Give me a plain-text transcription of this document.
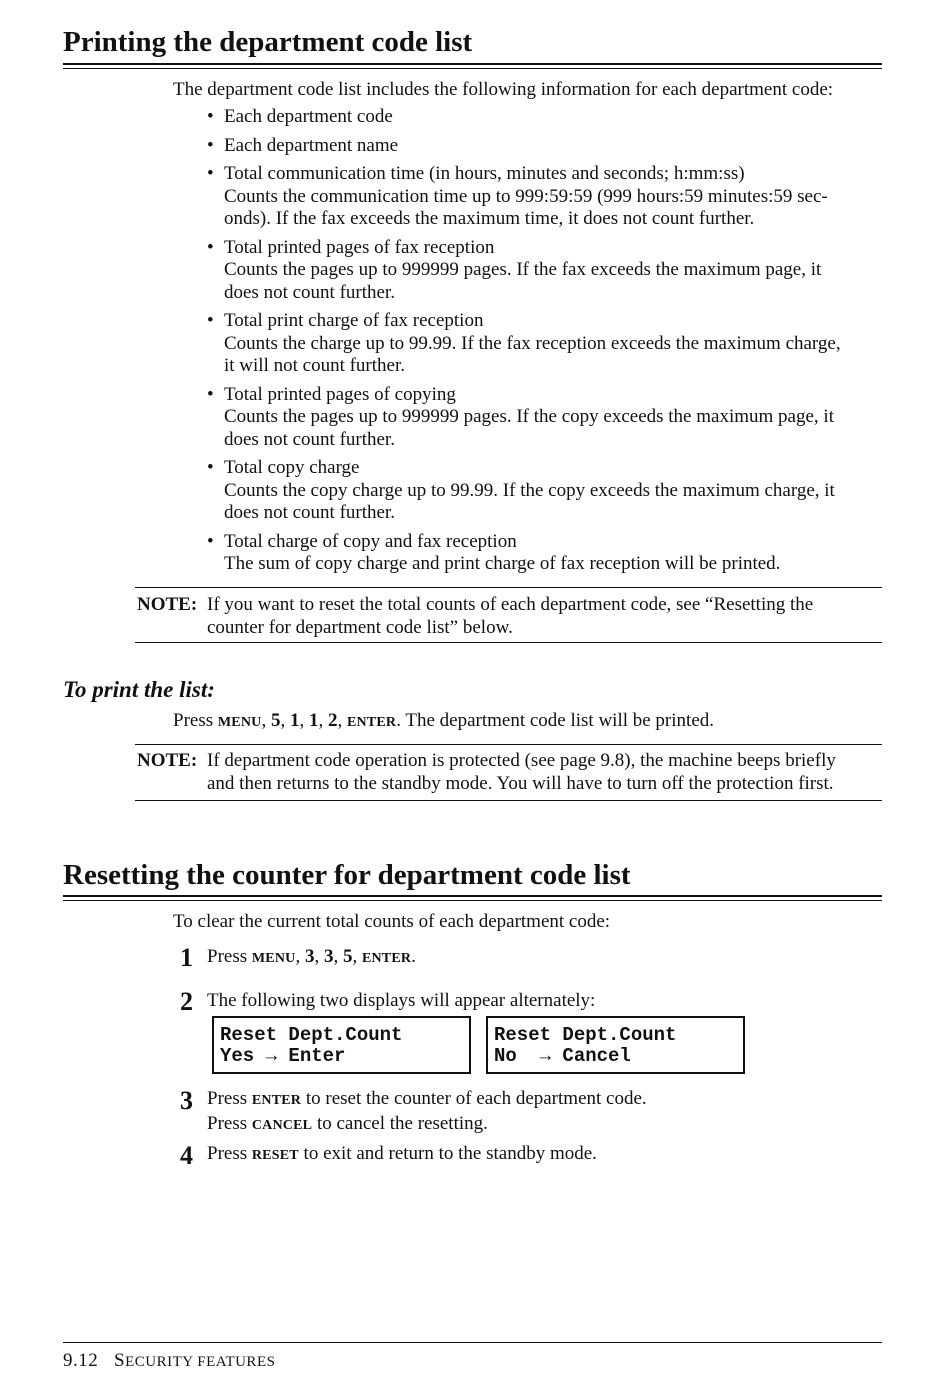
Printing the department code list
The department code list includes the following information for each department code:
• Each department code
• Each department name
• Total communication time (in hours, minutes and seconds; h:mm:ss)
Counts the communication time up to 999:59:59 (999 hours:59 minutes:59 sec-
onds). If the fax exceeds the maximum time, it does not count further.
• Total printed pages of fax reception
Counts the pages up to 999999 pages. If the fax exceeds the maximum page, it
does not count further.
• Total print charge of fax reception
Counts the charge up to 99.99. If the fax reception exceeds the maximum charge,
it will not count further.
• Total printed pages of copying
Counts the pages up to 999999 pages. If the copy exceeds the maximum page, it
does not count further.
• Total copy charge
Counts the copy charge up to 99.99. If the copy exceeds the maximum charge, it
does not count further.
• Total charge of copy and fax reception
The sum of copy charge and print charge of fax reception will be printed.
NOTE: If you want to reset the total counts of each department code, see “Resetting the
counter for department code list” below.
To print the list:
Press MENU, 5, 1, 1, 2, ENTER. The department code list will be printed.
NOTE: If department code operation is protected (see page 9.8), the machine beeps briefly
and then returns to the standby mode. You will have to turn off the protection first.
Resetting the counter for department code list
To clear the current total counts of each department code:
1 Press MENU, 3, 3, 5, ENTER.
2 The following two displays will appear alternately:
Reset Dept.Count
Yes → Enter
Reset Dept.Count
No  → Cancel
3 Press ENTER to reset the counter of each department code.
Press CANCEL to cancel the resetting.
4 Press RESET to exit and return to the standby mode.
9.12 SECURITY FEATURES
